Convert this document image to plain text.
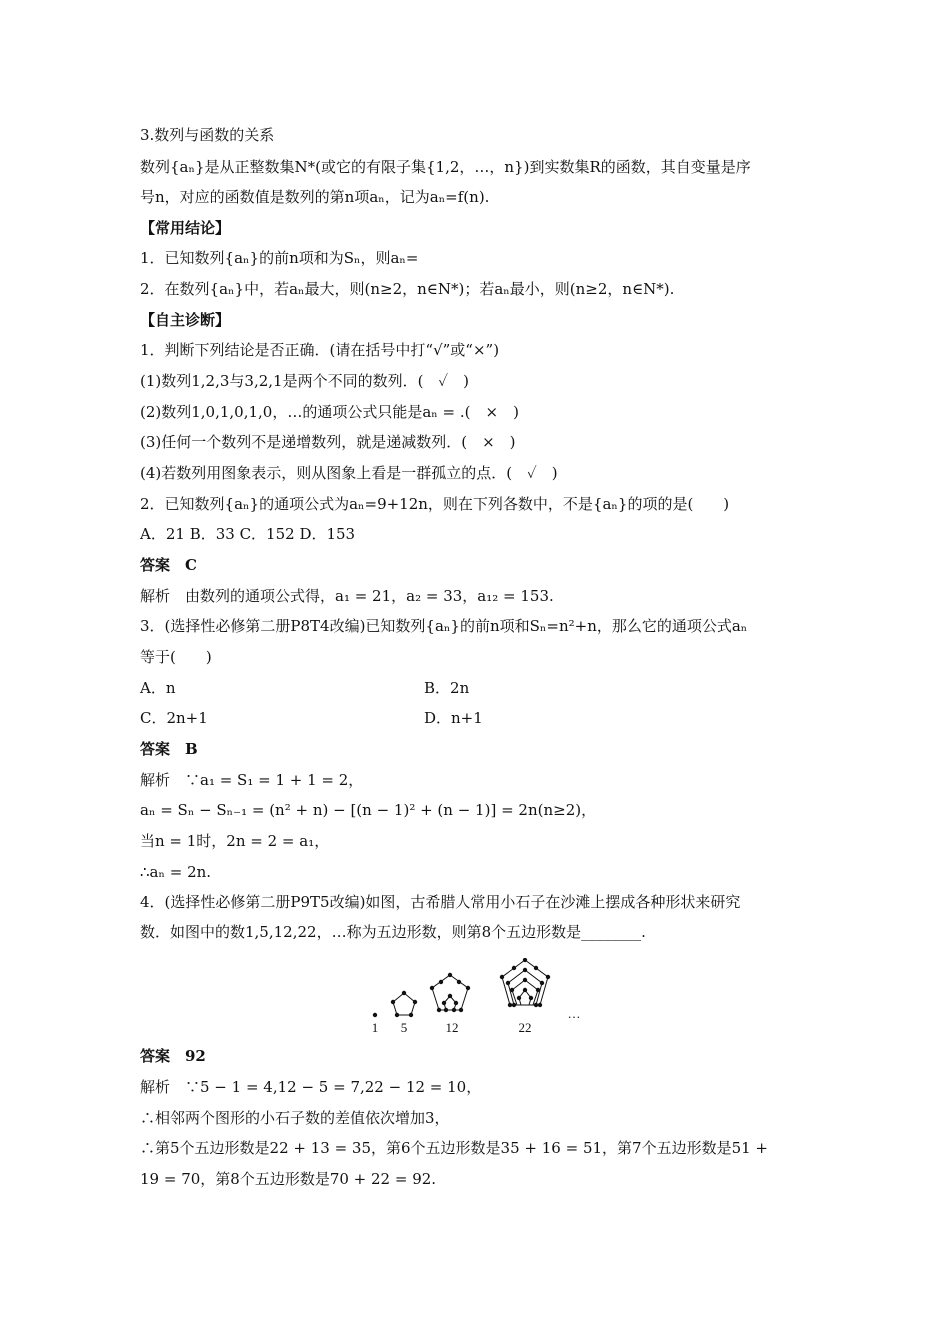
3.数列与函数的关系
数列{aₙ}是从正整数集N*(或它的有限子集{1,2，…，n})到实数集R的函数，其自变量是序
号n，对应的函数值是数列的第n项aₙ，记为aₙ=f(n).
【常用结论】
1．已知数列{aₙ}的前n项和为Sₙ，则aₙ=
2．在数列{aₙ}中，若aₙ最大，则(n≥2，n∈N*)；若aₙ最小，则(n≥2，n∈N*).
【自主诊断】
1．判断下列结论是否正确．(请在括号中打“√”或“×”)
(1)数列1,2,3与3,2,1是两个不同的数列．(　✓　)
(2)数列1,0,1,0,1,0，…的通项公式只能是aₙ = .(　×　)
(3)任何一个数列不是递增数列，就是递减数列．(　×　)
(4)若数列用图象表示，则从图象上看是一群孤立的点．(　✓　)
2．已知数列{aₙ}的通项公式为aₙ=9+12n，则在下列各数中，不是{aₙ}的项的是(　　)
A．21 B．33 C．152 D．153
答案　C
解析　由数列的通项公式得，a₁ = 21，a₂ = 33，a₁₂ = 153.
3．(选择性必修第二册P8T4改编)已知数列{aₙ}的前n项和Sₙ=n²+n，那么它的通项公式aₙ
等于(　　)
A．n	B．2n
C．2n+1	D．n+1
答案　B
解析　∵a₁ = S₁ = 1 + 1 = 2，
aₙ = Sₙ − Sₙ₋₁ = (n² + n) − [(n − 1)² + (n − 1)] = 2n(n≥2)，
当n = 1时，2n = 2 = a₁，
∴aₙ = 2n.
4．(选择性必修第二册P9T5改编)如图，古希腊人常用小石子在沙滩上摆成各种形状来研究
数．如图中的数1,5,12,22，…称为五边形数，则第8个五边形数是________.
1 5	12	22
…
答案　92
解析　∵5 − 1 = 4,12 − 5 = 7,22 − 12 = 10，
∴相邻两个图形的小石子数的差值依次增加3，
∴第5个五边形数是22 + 13 = 35，第6个五边形数是35 + 16 = 51，第7个五边形数是51 +
19 = 70，第8个五边形数是70 + 22 = 92.
